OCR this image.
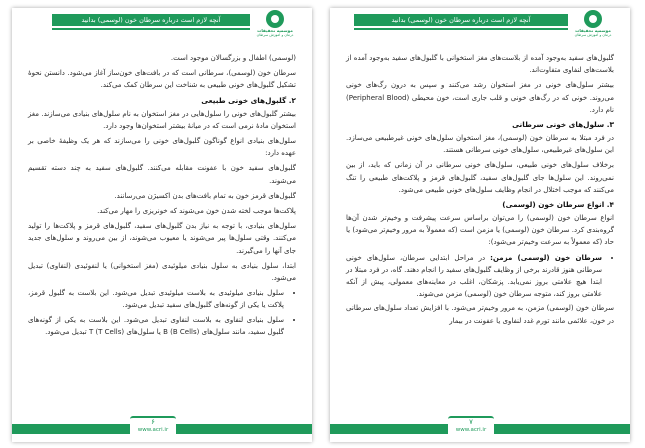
آنچه لازم است درباره سرطان خون (لوسمی) بدانید
موسسه تحقیقات
درمان و آموزش سرطان

(لوسمی) اطفال و بزرگسالان موجود است.

سرطان خون (لوسمی)، سرطانی است که در بافت‌های خون‌ساز آغاز می‌شود. دانستن نحوۀ تشکیل گلبول‌های خونی طبیعی به شناخت این سرطان کمک می‌کند.

۲. گلبول‌های خونی طبیعی

بیشتر گلبول‌های خونی را سلول‌هایی در مغز استخوان به نام سلول‌های بنیادی می‌سازند. مغز استخوان مادۀ نرمی است که در میانهٔ بیشتر استخوان‌ها وجود دارد.

سلول‌های بنیادی انواع گوناگون گلبول‌های خونی را می‌سازند که هر یک وظیفهٔ خاصی بر عهده دارد:

گلبول‌های سفید خون با عفونت مقابله می‌کنند. گلبول‌های سفید به چند دسته تقسیم می‌شوند.

گلبول‌های قرمز خون به تمام بافت‌های بدن اکسیژن می‌رسانند.

پلاکت‌ها موجب لخته شدن خون می‌شوند که خونریزی را مهار می‌کند.

سلول‌های بنیادی، با توجه به نیاز بدن گلبول‌های سفید، گلبول‌های قرمز و پلاکت‌ها را تولید می‌کنند. وقتی سلول‌ها پیر می‌شوند یا معیوب می‌شوند، از بین می‌روند و سلول‌های جدید جای آنها را می‌گیرند.

ابتدا، سلول بنیادی به سلول بنیادی میلوئیدی (مغز استخوانی) یا لنفوئیدی (لنفاوی) تبدیل می‌شود.

• سلول بنیادی میلوئیدی به بلاست میلوئیدی تبدیل می‌شود. این بلاست به گلبول قرمز، پلاکت یا یکی از گونه‌های گلبول‌های سفید تبدیل می‌شود.
• سلول بنیادی لنفاوی به بلاست لنفاوی تبدیل می‌شود. این بلاست به یکی از گونه‌های گلبول سفید، مانند سلول‌های (B Cells) B یا سلول‌های T (T Cells) تبدیل می‌شود.
۶
www.acri.ir
آنچه لازم است درباره سرطان خون (لوسمی) بدانید
موسسه تحقیقات
درمان و آموزش سرطان

گلبول‌های سفید به‌وجود آمده از بلاست‌های مغز استخوانی با گلبول‌های سفید به‌وجود آمده از بلاست‌های لنفاوی متفاوت‌اند.

بیشتر سلول‌های خونی در مغز استخوان رشد می‌کنند و سپس به درون رگ‌های خونی می‌روند. خونی که در رگ‌های خونی و قلب جاری است، خون محیطی (Peripheral Blood) نام دارد.

۳. سلول‌های خونی سرطانی

در فرد مبتلا به سرطان خون (لوسمی)، مغز استخوان سلول‌های خونی غیرطبیعی می‌سازد. این سلول‌های غیرطبیعی، سلول‌های خونی سرطانی هستند.

برخلاف سلول‌های خونی طبیعی، سلول‌های خونی سرطانی در آن زمانی که باید، از بین نمی‌روند. این سلول‌ها جای گلبول‌های سفید، گلبول‌های قرمز و پلاکت‌های طبیعی را تنگ می‌کنند که موجب اختلال در انجام وظایف سلول‌های خونی طبیعی می‌شود.

۴. انواع سرطان خون (لوسمی)

انواع سرطان خون (لوسمی) را می‌توان براساس سرعت پیشرفت و وخیم‌تر شدن آن‌ها گروه‌بندی کرد. سرطان خون (لوسمی) یا مزمن است (که معمولاً به مرور وخیم‌تر می‌شود) یا حاد (که معمولاً به سرعت وخیم‌تر می‌شود):

• سرطان خون (لوسمی) مزمن: در مراحل ابتدایی سرطان، سلول‌های خونی سرطانی هنوز قادرند برخی از وظایف گلبول‌های سفید را انجام دهند. گاه، در فرد مبتلا در ابتدا هیچ علامتی بروز نمی‌یابد. پزشکان، اغلب در معاینه‌های معمولی، پیش از آنکه علامتی بروز کند، متوجه سرطان خون (لوسمی) مزمن می‌شوند.

سرطان خون (لوسمی) مزمن، به مرور وخیم‌تر می‌شود. با افزایش تعداد سلول‌های سرطانی در خون، علائمی مانند تورم غدد لنفاوی یا عفونت در بیمار

۷
www.acri.ir
